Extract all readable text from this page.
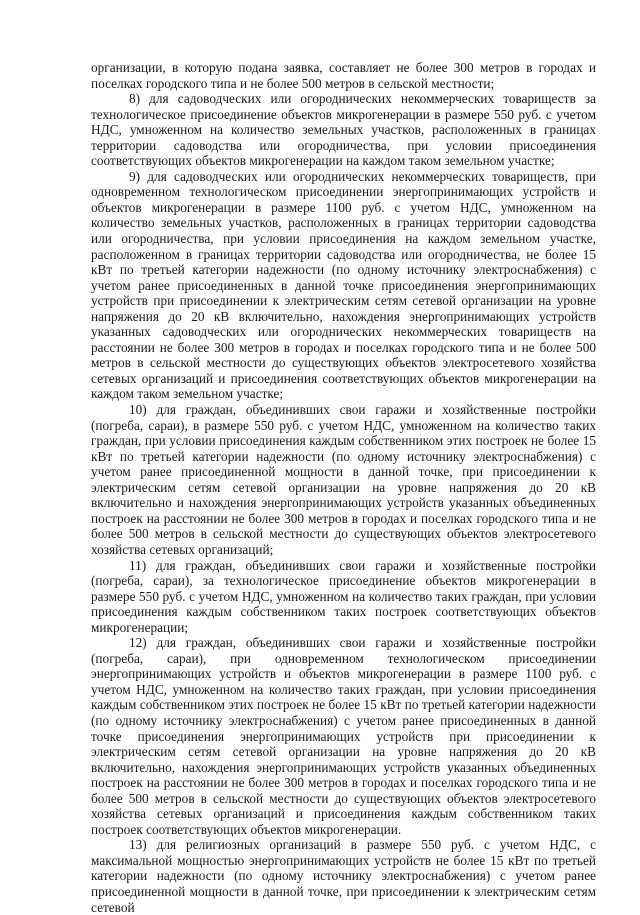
организации, в которую подана заявка, составляет не более 300 метров в городах и поселках городского типа и не более 500 метров в сельской местности;

8) для садоводческих или огороднических некоммерческих товариществ за технологическое присоединение объектов микрогенерации в размере 550 руб. с учетом НДС, умноженном на количество земельных участков, расположенных в границах территории садоводства или огородничества, при условии присоединения соответствующих объектов микрогенерации на каждом таком земельном участке;

9) для садоводческих или огороднических некоммерческих товариществ, при одновременном технологическом присоединении энергопринимающих устройств и объектов микрогенерации в размере 1100 руб. с учетом НДС, умноженном на количество земельных участков, расположенных в границах территории садоводства или огородничества, при условии присоединения на каждом земельном участке, расположенном в границах территории садоводства или огородничества, не более 15 кВт по третьей категории надежности (по одному источнику электроснабжения) с учетом ранее присоединенных в данной точке присоединения энергопринимающих устройств при присоединении к электрическим сетям сетевой организации на уровне напряжения до 20 кВ включительно, нахождения энергопринимающих устройств указанных садоводческих или огороднических некоммерческих товариществ на расстоянии не более 300 метров в городах и поселках городского типа и не более 500 метров в сельской местности до существующих объектов электросетевого хозяйства сетевых организаций и присоединения соответствующих объектов микрогенерации на каждом таком земельном участке;

10) для граждан, объединивших свои гаражи и хозяйственные постройки (погреба, сараи), в размере 550 руб. с учетом НДС, умноженном на количество таких граждан, при условии присоединения каждым собственником этих построек не более 15 кВт по третьей категории надежности (по одному источнику электроснабжения) с учетом ранее присоединенной мощности в данной точке, при присоединении к электрическим сетям сетевой организации на уровне напряжения до 20 кВ включительно и нахождения энергопринимающих устройств указанных объединенных построек на расстоянии не более 300 метров в городах и поселках городского типа и не более 500 метров в сельской местности до существующих объектов электросетевого хозяйства сетевых организаций;

11) для граждан, объединивших свои гаражи и хозяйственные постройки (погреба, сараи), за технологическое присоединение объектов микрогенерации в размере 550 руб. с учетом НДС, умноженном на количество таких граждан, при условии присоединения каждым собственником таких построек соответствующих объектов микрогенерации;

12) для граждан, объединивших свои гаражи и хозяйственные постройки (погреба, сараи), при одновременном технологическом присоединении энергопринимающих устройств и объектов микрогенерации в размере 1100 руб. с учетом НДС, умноженном на количество таких граждан, при условии присоединения каждым собственником этих построек не более 15 кВт по третьей категории надежности (по одному источнику электроснабжения) с учетом ранее присоединенных в данной точке присоединения энергопринимающих устройств при присоединении к электрическим сетям сетевой организации на уровне напряжения до 20 кВ включительно, нахождения энергопринимающих устройств указанных объединенных построек на расстоянии не более 300 метров в городах и поселках городского типа и не более 500 метров в сельской местности до существующих объектов электросетевого хозяйства сетевых организаций и присоединения каждым собственником таких построек соответствующих объектов микрогенерации.

13) для религиозных организаций в размере 550 руб. с учетом НДС, с максимальной мощностью энергопринимающих устройств не более 15 кВт по третьей категории надежности (по одному источнику электроснабжения) с учетом ранее присоединенной мощности в данной точке, при присоединении к электрическим сетям сетевой
